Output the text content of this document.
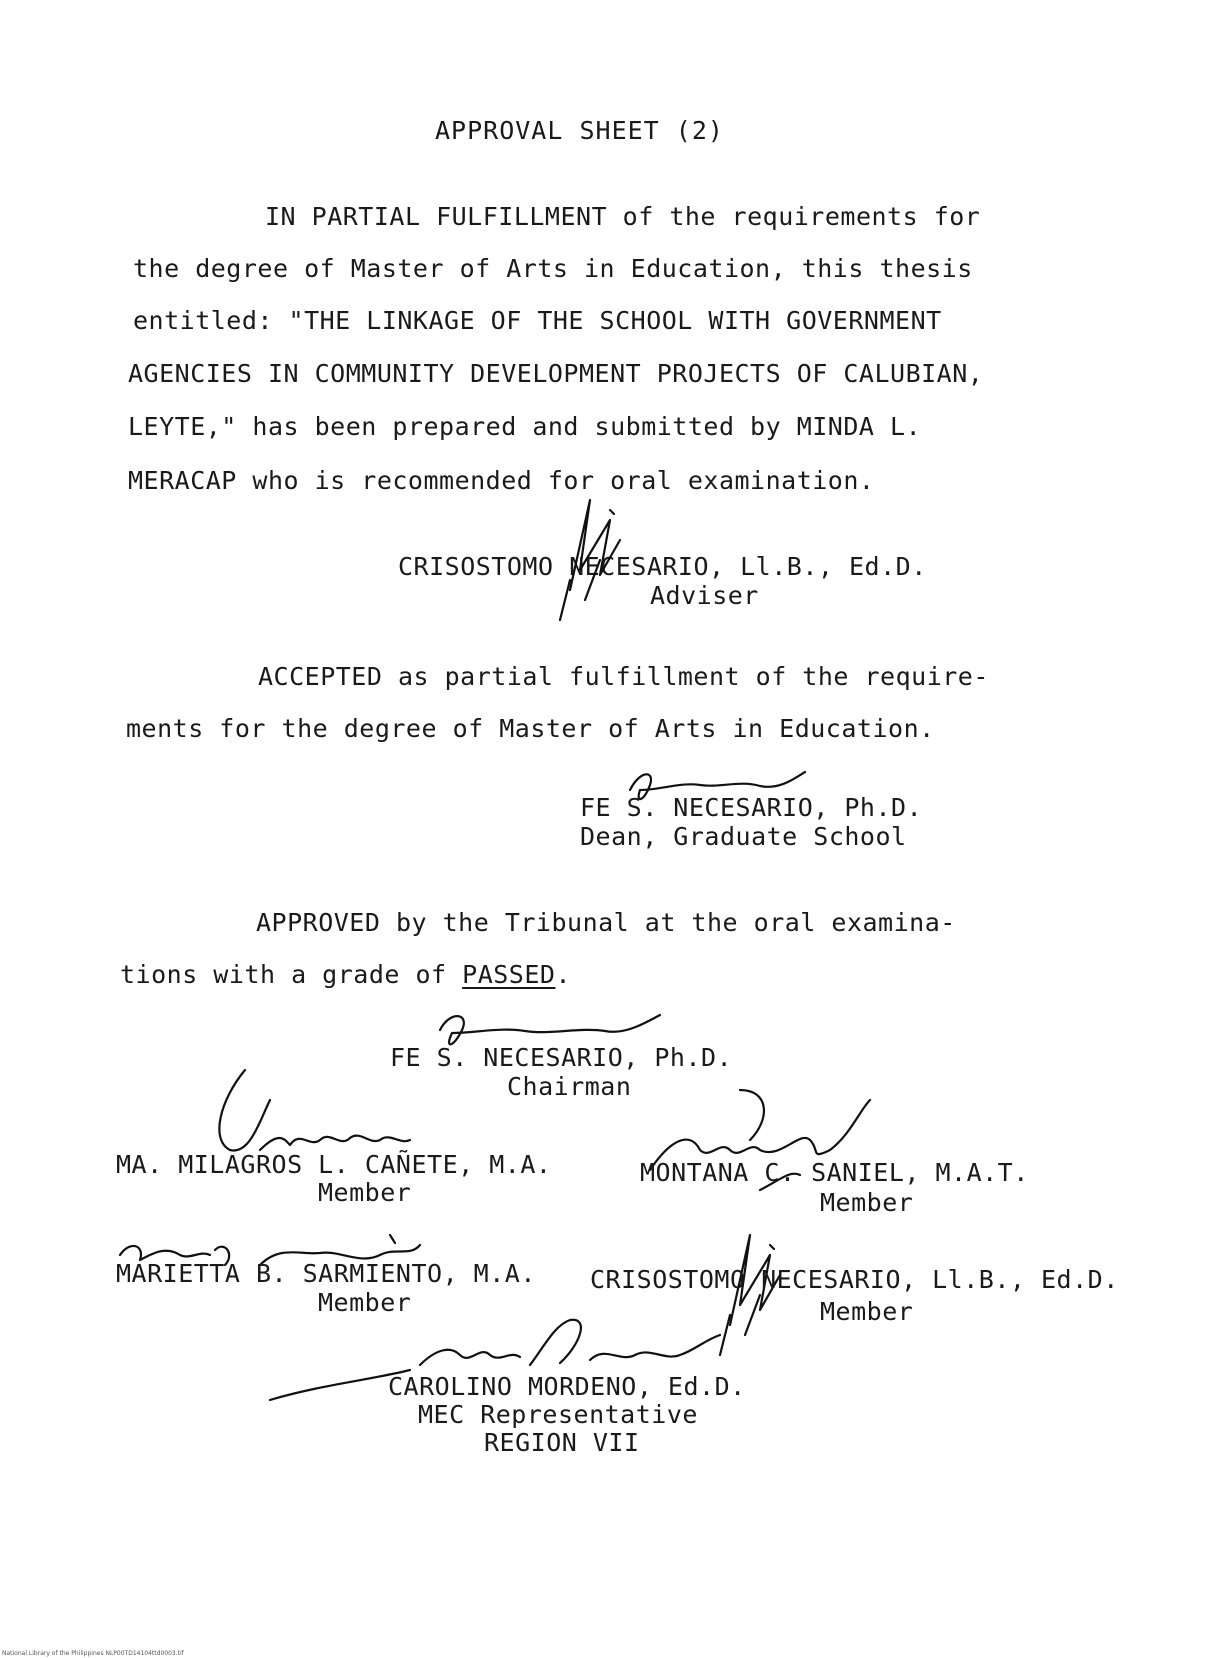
APPROVAL SHEET (2)
IN PARTIAL FULFILLMENT of the requirements for
the degree of Master of Arts in Education, this thesis
entitled: "THE LINKAGE OF THE SCHOOL WITH GOVERNMENT
AGENCIES IN COMMUNITY DEVELOPMENT PROJECTS OF CALUBIAN,
LEYTE," has been prepared and submitted by MINDA L.
MERACAP who is recommended for oral examination.
CRISOSTOMO NECESARIO, Ll.B., Ed.D.
Adviser
ACCEPTED as partial fulfillment of the require-
ments for the degree of Master of Arts in Education.
FE S. NECESARIO, Ph.D.
Dean, Graduate School
APPROVED by the Tribunal at the oral examina-
tions with a grade of PASSED.
FE S. NECESARIO, Ph.D.
Chairman
MA. MILAGROS L. CAÑETE, M.A.
Member
MONTANA C. SANIEL, M.A.T.
Member
MARIETTA B. SARMIENTO, M.A.
Member
CRISOSTOMO NECESARIO, Ll.B., Ed.D.
Member
CAROLINO MORDENO, Ed.D.
MEC Representative
REGION VII
National Library of the Philippines NLP00TD14104ttd0003.tif
